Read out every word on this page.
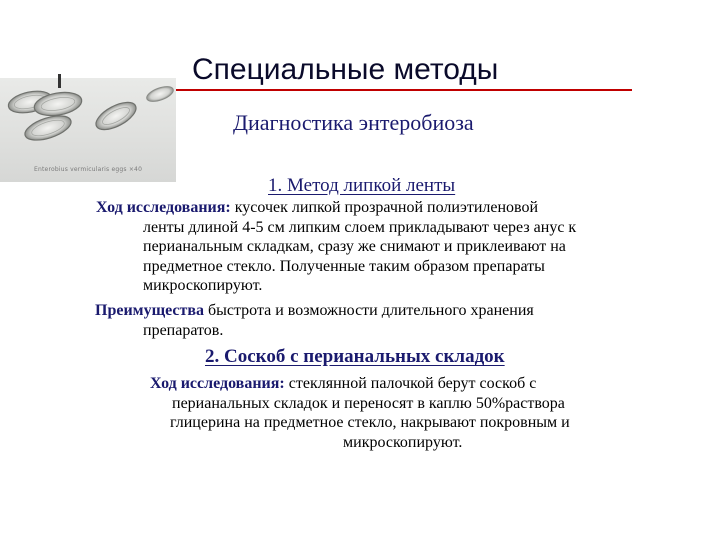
Enterobius vermicularis eggs ×40
Специальные методы
Диагностика энтеробиоза
1. Метод липкой ленты
Ход исследования: кусочек липкой прозрачной полиэтиленовой
ленты длиной 4-5 см липким слоем прикладывают через анус к
перианальным складкам, сразу же снимают и приклеивают на
предметное стекло. Полученные таким образом препараты
микроскопируют.
Преимущества быстрота и возможности длительного хранения
препаратов.
2. Соскоб с перианальных складок
Ход исследования: стеклянной палочкой берут соскоб с
перианальных складок и переносят в каплю 50%раствора
глицерина на предметное стекло, накрывают покровным и
микроскопируют.
